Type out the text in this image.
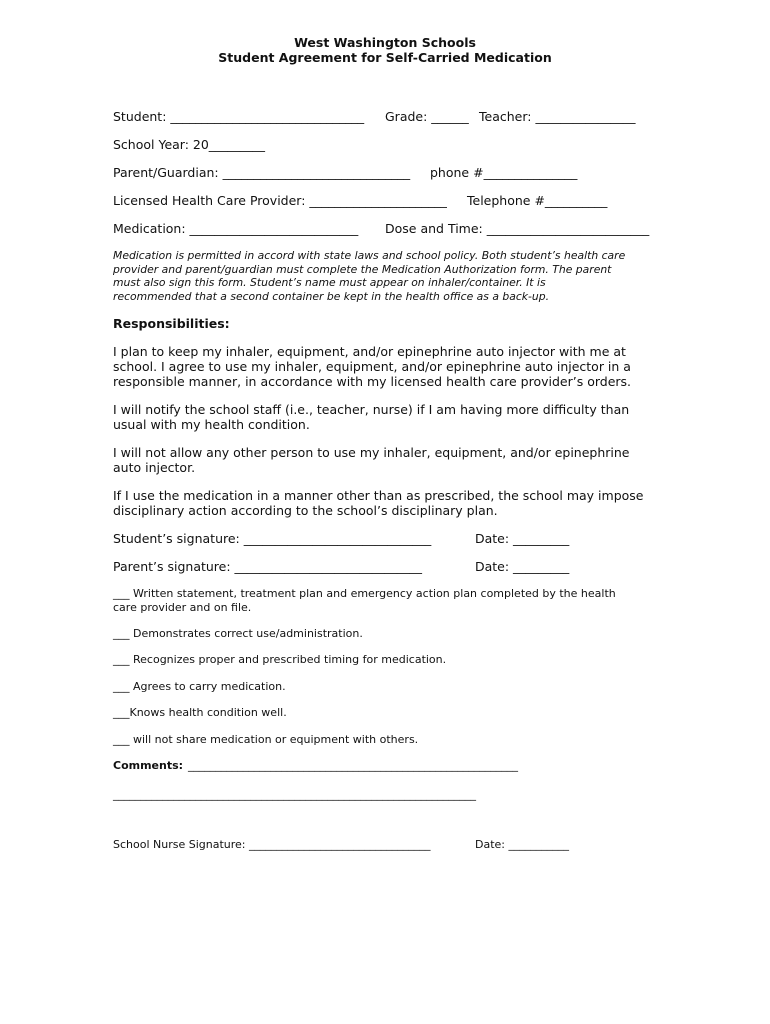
West Washington Schools
Student Agreement for Self-Carried Medication
Student: _______________________________ Grade: ______ Teacher: ________________
School Year: 20_________
Parent/Guardian: ______________________________ phone #_______________
Licensed Health Care Provider: ______________________ Telephone #__________
Medication: ___________________________ Dose and Time: __________________________
Medication is permitted in accord with state laws and school policy. Both student’s health care
provider and parent/guardian must complete the Medication Authorization form. The parent
must also sign this form. Student’s name must appear on inhaler/container. It is
recommended that a second container be kept in the health office as a back-up.
Responsibilities:
I plan to keep my inhaler, equipment, and/or epinephrine auto injector with me at
school. I agree to use my inhaler, equipment, and/or epinephrine auto injector in a
responsible manner, in accordance with my licensed health care provider’s orders.
I will notify the school staff (i.e., teacher, nurse) if I am having more difficulty than
usual with my health condition.
I will not allow any other person to use my inhaler, equipment, and/or epinephrine
auto injector.
If I use the medication in a manner other than as prescribed, the school may impose
disciplinary action according to the school’s disciplinary plan.
Student’s signature: ______________________________	Date: _________
Parent’s signature: ______________________________	Date: _________
___ Written statement, treatment plan and emergency action plan completed by the health
care provider and on file.
___ Demonstrates correct use/administration.
___ Recognizes proper and prescribed timing for medication.
___ Agrees to carry medication.
___Knows health condition well.
___ will not share medication or equipment with others.
Comments: ____________________________________________________________
__________________________________________________________________
School Nurse Signature: _________________________________	Date: ___________
